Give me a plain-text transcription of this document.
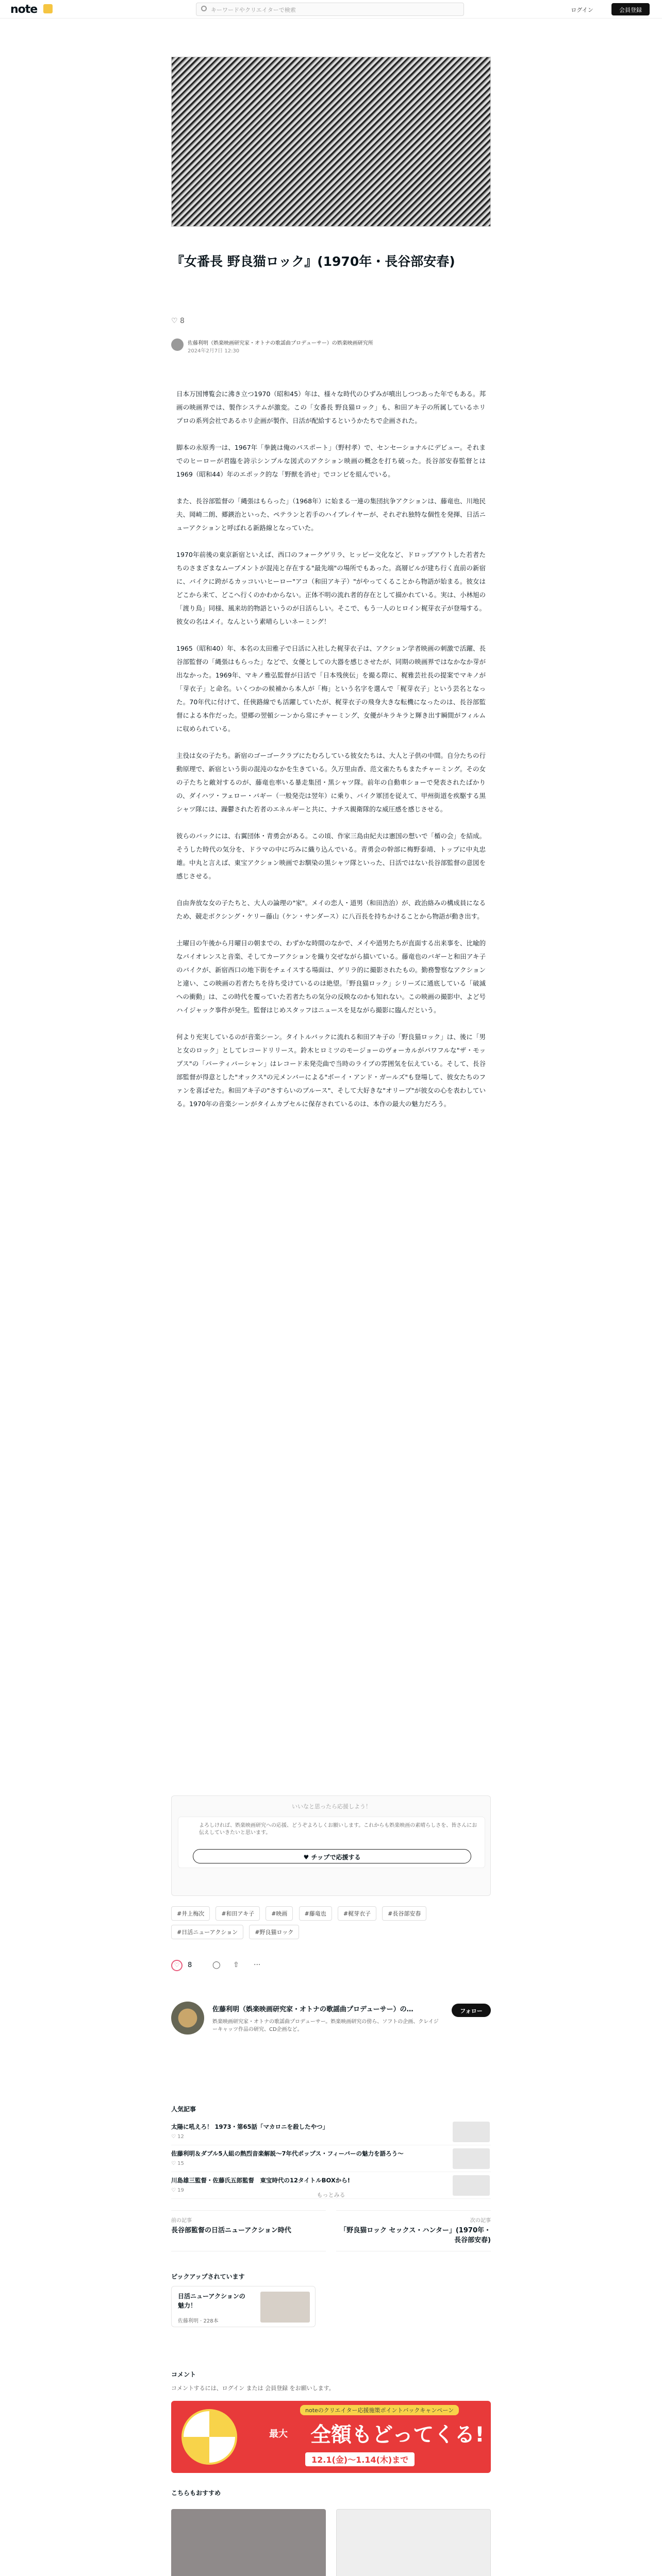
note	キーワードやクリエイターで検索	ログイン	会員登録
『女番長 野良猫ロック』(1970年・長谷部安春)
♡ 8
佐藤利明（娯楽映画研究家・オトナの歌謡曲プロデューサー）の娯楽映画研究所
2024年2月7日 12:30

日本万国博覧会に沸き立つ1970（昭和45）年は、様々な時代のひずみが噴出しつつあった年でもある。邦画の映画界では、製作システムが激変。この「女番長 野良猫ロック」も、和田アキ子の所属しているホリプロの系列会社であるホリ企画が製作、日活が配給するというかたちで企画された。

脚本の永原秀一は、1967年「拳銃は俺のパスポート」（野村孝）で、センセーショナルにデビュー。それまでのヒーローが君臨を誇示シンプルな図式のアクション映画の概念を打ち破った。長谷部安春監督とは1969（昭和44）年のエポック的な「野獣を消せ」でコンビを組んでいる。

また、長谷部監督の「縄張はもらった」（1968年）に始まる一連の集団抗争アクションは、藤竜也、川地民夫、岡崎二朗、郷鍈治といった、ペテランと若手のハイブレイヤーが、それぞれ独特な個性を発揮、日活ニューアクションと呼ばれる新路線となっていた。

1970年前後の東京新宿といえば、西口のフォークゲリラ、ヒッピー文化など、ドロップアウトした若者たちのさまざまなムーブメントが混沌と存在する"最先端"の場所でもあった。高層ビルが建ち行く直前の新宿に、バイクに跨がるカッコいいヒーロー"アコ（和田アキ子）"がやってくることから物語が始まる。彼女はどこから来て、どこへ行くのかわからない。正体不明の流れ者的存在として描かれている。実は、小林旭の「渡り鳥」同様、風来坊的物語というのが日活らしい。そこで、もう一人のヒロイン梶芽衣子が登場する。彼女の名はメイ。なんという素晴らしいネーミング！

1965（昭和40）年、本名の太田雅子で日活に入社した梶芽衣子は、アクション学者映画の刺激で活躍、長谷部監督の「縄張はもらった」などで、女優としての大器を感じさせたが、同期の映画界ではなかなか芽が出なかった。1969年、マキノ雅弘監督が日活で「日本残俠伝」を撮る際に、梶雅芸社長の提案でマキノが「芽衣子」と命名。いくつかの候補から本人が「梅」という名字を選んで「梶芽衣子」という芸名となった。70年代に付けて、任俠路線でも活躍していたが、梶芽衣子の飛身大きな転機になったのは、長谷部監督による本作だった。望郷の翌頓シーンから常にチャーミング、女優がキラキラと輝き出す瞬間がフィルムに収められている。

主役は女の子たち。新宿のゴーゴークラブにたむろしている彼女たちは、大人と子供の中間。自分たちの行動原理で、新宿という街の混沌のなかを生きている。久万里由香、范文雀たちもまたチャーミング。その女の子たちと敵対するのが、藤竜也率いる暴走集団・黒シャツ隊。前年の自動車ショーで発表されたばかりの、ダイハツ・フェロー・バギー（一般発売は翌年）に乗り、バイク軍団を従えて、甲州街道を疾駆する黒シャツ隊には、躁鬱された若者のエネルギーと共に、ナチス親衛隊的な威圧感を感じさせる。

彼らのバックには、右翼団体・青勇会がある。この頃、作家三島由紀夫は憲国の想いで「楯の会」を結成。そうした時代の気分を、ドラマの中に巧みに織り込んでいる。青勇会の幹部に梅野泰靖、トップに中丸忠雄。中丸と言えば、東宝アクション映画でお馴染の黒シャツ隊といった、日活ではない長谷部監督の意図を感じさせる。

自由奔放な女の子たちと、大人の論理の"家"。メイの恋人・道男（和田浩治）が、政治絡みの構成員になるため、競走ボクシング・ケリー藤山（ケン・サンダース）に八百長を持ちかけることから物語が動き出す。

土曜日の午後から月曜日の朝までの、わずかな時間のなかで、メイや道男たちが直面する出来事を、比喩的なバイオレンスと音楽、そしてカーアクションを織り交ぜながら描いている。藤竜也のバギーと和田アキ子のバイクが、新宿西口の地下街をチェイスする場面は、ゲリラ的に撮影されたもの。勤務警察なアクションと違い、この映画の若者たちを待ち受けているのは絶望。「野良猫ロック」シリーズに通底している「破滅への衝動」は、この時代を覆っていた若者たちの気分の反映なのかも知れない。この映画の撮影中、よど号ハイジャック事件が発生。監督はじめスタッフはニュースを見ながら撮影に臨んだという。

何より充実しているのが音楽シーン。タイトルバックに流れる和田アキ子の「野良猫ロック」は、後に「男と女のロック」としてレコードリリース。鈴木ヒロミツのモージョーのヴォーカルがパワフルな"ザ・モップス"の「パーティバーシャン」はレコード未発売曲で当時のライブの雰囲気を伝えている。そして、長谷部監督が得意とした"オックス"の元メンバーによる"ボーイ・アンド・ガールズ"も登場して、彼女たちのファンを喜ばせた。和田アキ子の"さすらいのブルース"、そして大好きな"オリーブ"が彼女の心を表わしている。1970年の音楽シーンがタイムカプセルに保存されているのは、本作の最大の魅力だろう。

いいなと思ったら応援しよう！
よろしければ、娯楽映画研究への応援、どうぞよろしくお願いします。これからも娯楽映画の素晴らしさを、皆さんにお伝えしていきたいと思います。
♥ チップで応援する
#井上梅次	#和田アキ子	#映画	#藤竜也	#梶芽衣子	#長谷部安春 #日活ニューアクション	#野良猫ロック
♡	8	◯ ⇧ ···
佐藤利明（娯楽映画研究家・オトナの歌謡曲プロデューサー）の…
娯楽映画研究家・オトナの歌謡曲プロデューサー。娯楽映画研究の傍ら、ソフトの企画、クレイジーキャッツ作品の研究、CD企画など。
フォロー
人気記事
太陽に吼えろ！ 1973・第65話「マカロニを殺したやつ」
♡ 12
佐藤利明＆ダブル5人組の熱烈音楽解説〜7年代ポップス・フィーバーの魅力を語ろう〜
♡ 15
川島雄三監督・佐藤氏五郎監督　東宝時代の12タイトルBOXから!
♡ 19
もっとみる
前の記事
長谷部監督の日活ニューアクション時代
次の記事
「野良猫ロック セックス・ハンター」(1970年・長谷部安春)
ピックアップされています
日活ニューアクションの魅力！
佐藤利明 · 228本
コメント
コメントするには、ログイン または 会員登録 をお願いします。
noteのクリエイター応援施策ポイントバックキャンペーン
最大 全額もどってくる!
12.1(金)〜1.14(木)まで
こちらもおすすめ
